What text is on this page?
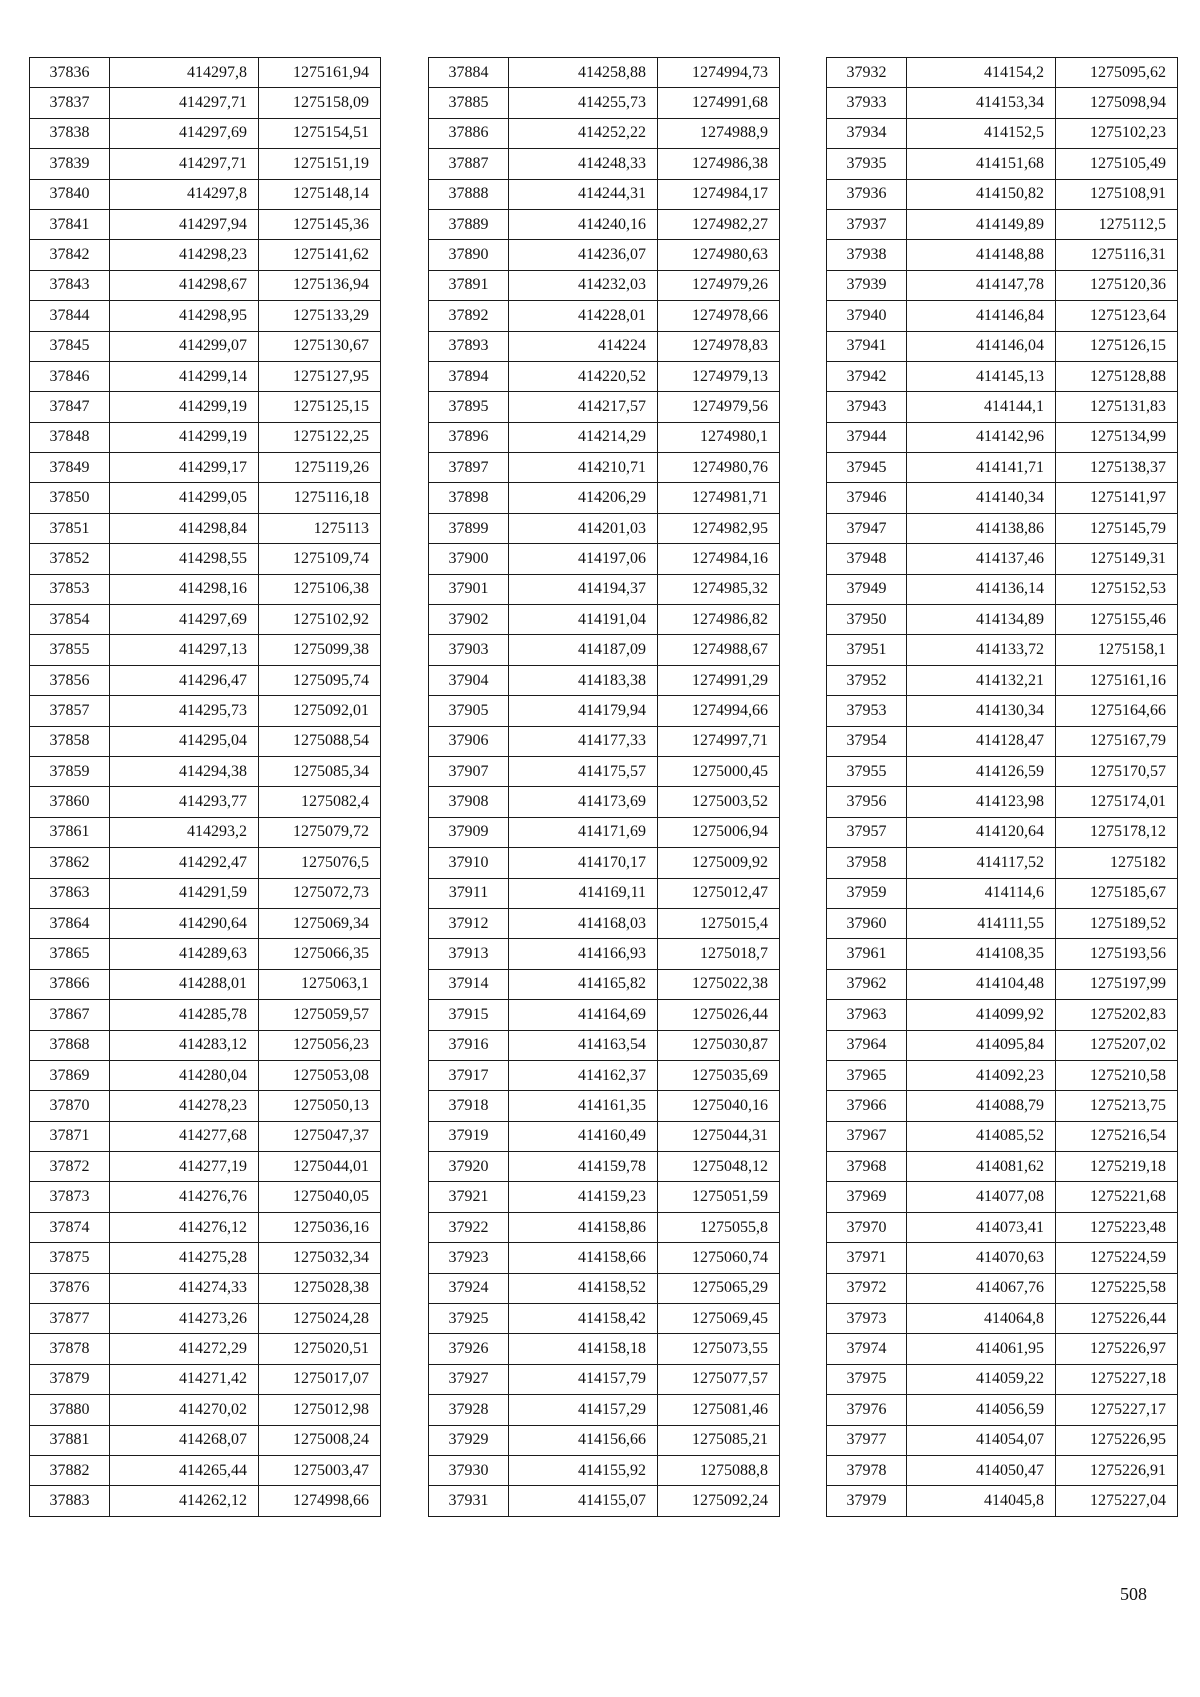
37836	414297,8	1275161,94
37837	414297,71	1275158,09
37838	414297,69	1275154,51
37839	414297,71	1275151,19
37840	414297,8	1275148,14
37841	414297,94	1275145,36
37842	414298,23	1275141,62
37843	414298,67	1275136,94
37844	414298,95	1275133,29
37845	414299,07	1275130,67
37846	414299,14	1275127,95
37847	414299,19	1275125,15
37848	414299,19	1275122,25
37849	414299,17	1275119,26
37850	414299,05	1275116,18
37851	414298,84	1275113
37852	414298,55	1275109,74
37853	414298,16	1275106,38
37854	414297,69	1275102,92
37855	414297,13	1275099,38
37856	414296,47	1275095,74
37857	414295,73	1275092,01
37858	414295,04	1275088,54
37859	414294,38	1275085,34
37860	414293,77	1275082,4
37861	414293,2	1275079,72
37862	414292,47	1275076,5
37863	414291,59	1275072,73
37864	414290,64	1275069,34
37865	414289,63	1275066,35
37866	414288,01	1275063,1
37867	414285,78	1275059,57
37868	414283,12	1275056,23
37869	414280,04	1275053,08
37870	414278,23	1275050,13
37871	414277,68	1275047,37
37872	414277,19	1275044,01
37873	414276,76	1275040,05
37874	414276,12	1275036,16
37875	414275,28	1275032,34
37876	414274,33	1275028,38
37877	414273,26	1275024,28
37878	414272,29	1275020,51
37879	414271,42	1275017,07
37880	414270,02	1275012,98
37881	414268,07	1275008,24
37882	414265,44	1275003,47
37883	414262,12	1274998,66
37884	414258,88	1274994,73
37885	414255,73	1274991,68
37886	414252,22	1274988,9
37887	414248,33	1274986,38
37888	414244,31	1274984,17
37889	414240,16	1274982,27
37890	414236,07	1274980,63
37891	414232,03	1274979,26
37892	414228,01	1274978,66
37893	414224	1274978,83
37894	414220,52	1274979,13
37895	414217,57	1274979,56
37896	414214,29	1274980,1
37897	414210,71	1274980,76
37898	414206,29	1274981,71
37899	414201,03	1274982,95
37900	414197,06	1274984,16
37901	414194,37	1274985,32
37902	414191,04	1274986,82
37903	414187,09	1274988,67
37904	414183,38	1274991,29
37905	414179,94	1274994,66
37906	414177,33	1274997,71
37907	414175,57	1275000,45
37908	414173,69	1275003,52
37909	414171,69	1275006,94
37910	414170,17	1275009,92
37911	414169,11	1275012,47
37912	414168,03	1275015,4
37913	414166,93	1275018,7
37914	414165,82	1275022,38
37915	414164,69	1275026,44
37916	414163,54	1275030,87
37917	414162,37	1275035,69
37918	414161,35	1275040,16
37919	414160,49	1275044,31
37920	414159,78	1275048,12
37921	414159,23	1275051,59
37922	414158,86	1275055,8
37923	414158,66	1275060,74
37924	414158,52	1275065,29
37925	414158,42	1275069,45
37926	414158,18	1275073,55
37927	414157,79	1275077,57
37928	414157,29	1275081,46
37929	414156,66	1275085,21
37930	414155,92	1275088,8
37931	414155,07	1275092,24
37932	414154,2	1275095,62
37933	414153,34	1275098,94
37934	414152,5	1275102,23
37935	414151,68	1275105,49
37936	414150,82	1275108,91
37937	414149,89	1275112,5
37938	414148,88	1275116,31
37939	414147,78	1275120,36
37940	414146,84	1275123,64
37941	414146,04	1275126,15
37942	414145,13	1275128,88
37943	414144,1	1275131,83
37944	414142,96	1275134,99
37945	414141,71	1275138,37
37946	414140,34	1275141,97
37947	414138,86	1275145,79
37948	414137,46	1275149,31
37949	414136,14	1275152,53
37950	414134,89	1275155,46
37951	414133,72	1275158,1
37952	414132,21	1275161,16
37953	414130,34	1275164,66
37954	414128,47	1275167,79
37955	414126,59	1275170,57
37956	414123,98	1275174,01
37957	414120,64	1275178,12
37958	414117,52	1275182
37959	414114,6	1275185,67
37960	414111,55	1275189,52
37961	414108,35	1275193,56
37962	414104,48	1275197,99
37963	414099,92	1275202,83
37964	414095,84	1275207,02
37965	414092,23	1275210,58
37966	414088,79	1275213,75
37967	414085,52	1275216,54
37968	414081,62	1275219,18
37969	414077,08	1275221,68
37970	414073,41	1275223,48
37971	414070,63	1275224,59
37972	414067,76	1275225,58
37973	414064,8	1275226,44
37974	414061,95	1275226,97
37975	414059,22	1275227,18
37976	414056,59	1275227,17
37977	414054,07	1275226,95
37978	414050,47	1275226,91
37979	414045,8	1275227,04
508
